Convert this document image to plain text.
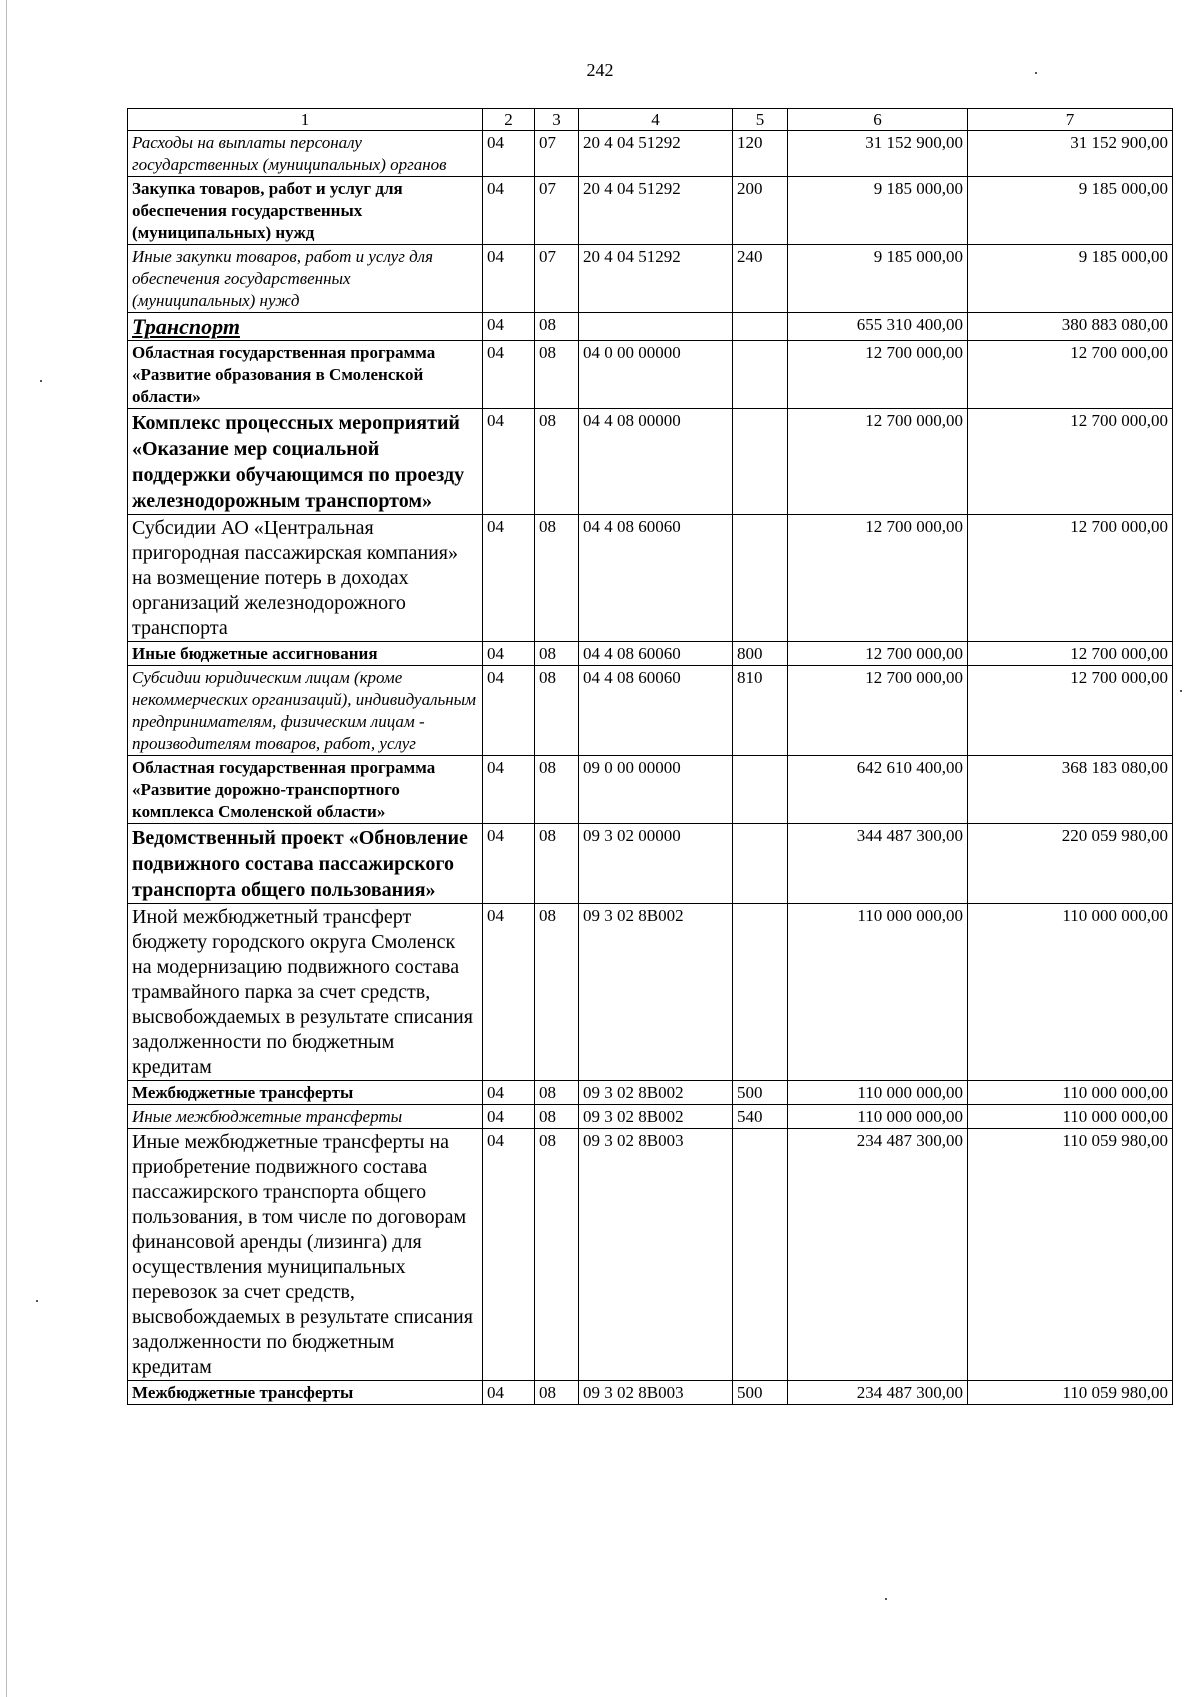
242
1	2	3	4	5	6	7
Расходы на выплаты персоналу государственных (муниципальных) органов	04	07	20 4 04 51292	120	31 152 900,00	31 152 900,00
Закупка товаров, работ и услуг для обеспечения государственных (муниципальных) нужд	04	07	20 4 04 51292	200	9 185 000,00	9 185 000,00
Иные закупки товаров, работ и услуг для обеспечения государственных (муниципальных) нужд	04	07	20 4 04 51292	240	9 185 000,00	9 185 000,00
Транспорт	04	08			655 310 400,00	380 883 080,00
Областная государственная программа «Развитие образования в Смоленской области»	04	08	04 0 00 00000		12 700 000,00	12 700 000,00
Комплекс процессных мероприятий «Оказание мер социальной поддержки обучающимся по проезду железнодорожным транспортом»	04	08	04 4 08 00000		12 700 000,00	12 700 000,00
Субсидии АО «Центральная пригородная пассажирская компания» на возмещение потерь в доходах организаций железнодорожного транспорта	04	08	04 4 08 60060		12 700 000,00	12 700 000,00
Иные бюджетные ассигнования	04	08	04 4 08 60060	800	12 700 000,00	12 700 000,00
Субсидии юридическим лицам (кроме некоммерческих организаций), индивидуальным предпринимателям, физическим лицам - производителям товаров, работ, услуг	04	08	04 4 08 60060	810	12 700 000,00	12 700 000,00
Областная государственная программа «Развитие дорожно-транспортного комплекса Смоленской области»	04	08	09 0 00 00000		642 610 400,00	368 183 080,00
Ведомственный проект «Обновление подвижного состава пассажирского транспорта общего пользования»	04	08	09 3 02 00000		344 487 300,00	220 059 980,00
Иной межбюджетный трансферт бюджету городского округа Смоленск на модернизацию подвижного состава трамвайного парка за счет средств, высвобождаемых в результате списания задолженности по бюджетным кредитам	04	08	09 3 02 8В002		110 000 000,00	110 000 000,00
Межбюджетные трансферты	04	08	09 3 02 8В002	500	110 000 000,00	110 000 000,00
Иные межбюджетные трансферты	04	08	09 3 02 8В002	540	110 000 000,00	110 000 000,00
Иные межбюджетные трансферты на приобретение подвижного состава пассажирского транспорта общего пользования, в том числе по договорам финансовой аренды (лизинга) для осуществления муниципальных перевозок за счет средств, высвобождаемых в результате списания задолженности по бюджетным кредитам	04	08	09 3 02 8В003		234 487 300,00	110 059 980,00
Межбюджетные трансферты	04	08	09 3 02 8В003	500	234 487 300,00	110 059 980,00
